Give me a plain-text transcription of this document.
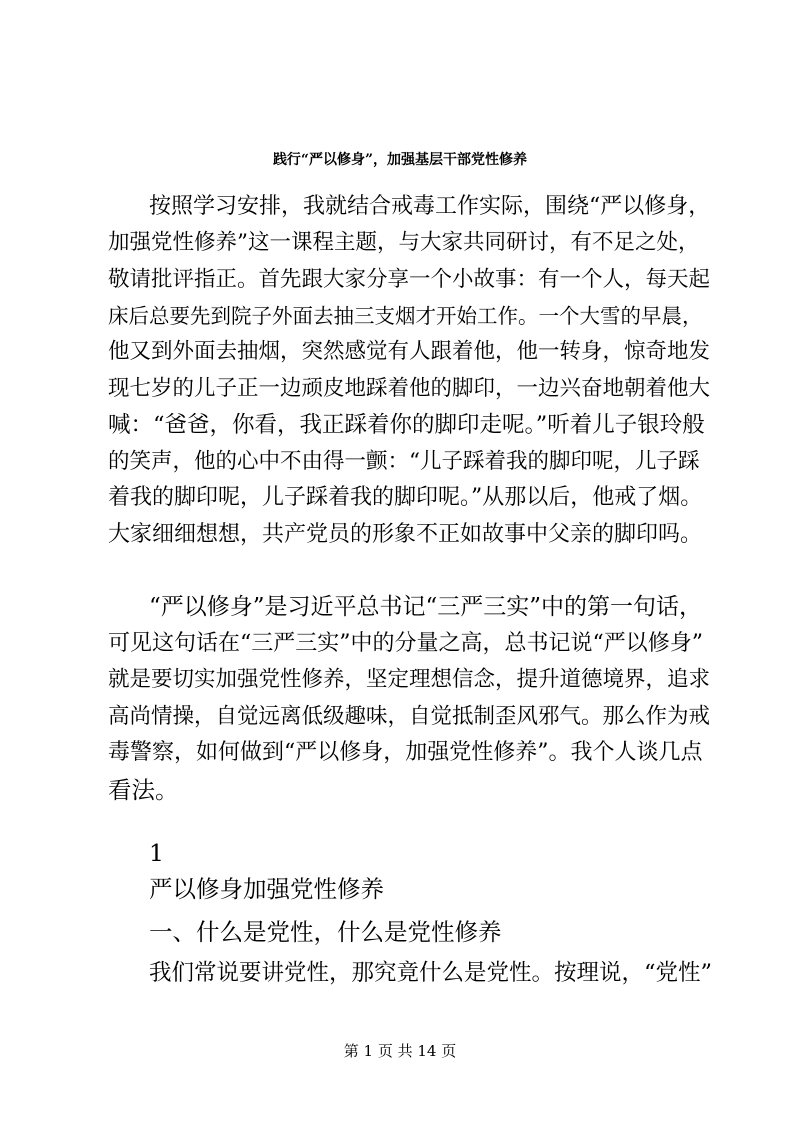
践行“严以修身”，加强基层干部党性修养
按照学习安排，我就结合戒毒工作实际，围绕“严以修身，
加强党性修养”这一课程主题，与大家共同研讨，有不足之处，
敬请批评指正。首先跟大家分享一个小故事：有一个人，每天起
床后总要先到院子外面去抽三支烟才开始工作。一个大雪的早晨，
他又到外面去抽烟，突然感觉有人跟着他，他一转身，惊奇地发
现七岁的儿子正一边顽皮地踩着他的脚印，一边兴奋地朝着他大
喊：“爸爸，你看，我正踩着你的脚印走呢。”听着儿子银玲般
的笑声，他的心中不由得一颤：“儿子踩着我的脚印呢，儿子踩
着我的脚印呢，儿子踩着我的脚印呢。”从那以后，他戒了烟。
大家细细想想，共产党员的形象不正如故事中父亲的脚印吗。
“严以修身”是习近平总书记“三严三实”中的第一句话，
可见这句话在“三严三实”中的分量之高，总书记说“严以修身”
就是要切实加强党性修养，坚定理想信念，提升道德境界，追求
高尚情操，自觉远离低级趣味，自觉抵制歪风邪气。那么作为戒
毒警察，如何做到“严以修身，加强党性修养”。我个人谈几点
看法。
1
严以修身加强党性修养
一、什么是党性，什么是党性修养
我们常说要讲党性，那究竟什么是党性。按理说，“党性”
第 1 页 共 14 页
